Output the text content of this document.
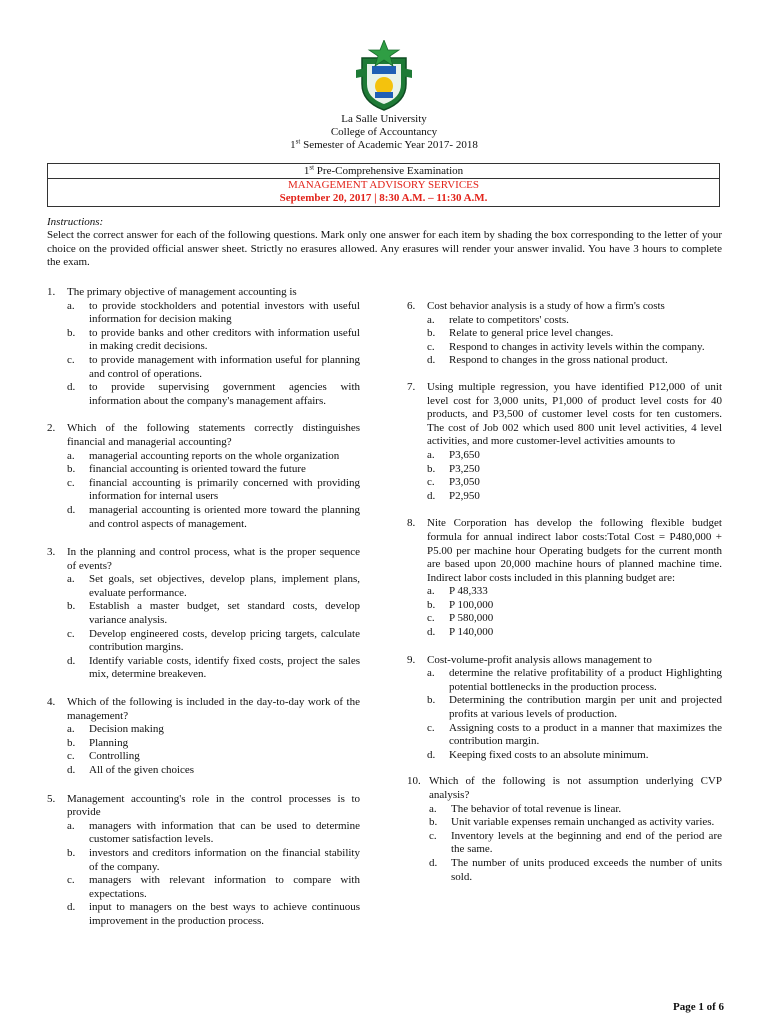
La Salle University
College of Accountancy
1st Semester of Academic Year 2017- 2018
1st Pre-Comprehensive Examination
MANAGEMENT ADVISORY SERVICES
September 20, 2017 | 8:30 A.M. – 11:30 A.M.
Instructions:
Select the correct answer for each of the following questions. Mark only one answer for each item by shading the box corresponding to the letter of your choice on the provided official answer sheet. Strictly no erasures allowed. Any erasures will render your answer invalid. You have 3 hours to complete the exam.
1. The primary objective of management accounting is
a. to provide stockholders and potential investors with useful information for decision making
b. to provide banks and other creditors with information useful in making credit decisions.
c. to provide management with information useful for planning and control of operations.
d. to provide supervising government agencies with information about the company's management affairs.
2. Which of the following statements correctly distinguishes financial and managerial accounting?
a. managerial accounting reports on the whole organization
b. financial accounting is oriented toward the future
c. financial accounting is primarily concerned with providing information for internal users
d. managerial accounting is oriented more toward the planning and control aspects of management.
3. In the planning and control process, what is the proper sequence of events?
a. Set goals, set objectives, develop plans, implement plans, evaluate performance.
b. Establish a master budget, set standard costs, develop variance analysis.
c. Develop engineered costs, develop pricing targets, calculate contribution margins.
d. Identify variable costs, identify fixed costs, project the sales mix, determine breakeven.
4. Which of the following is included in the day-to-day work of the management?
a. Decision making
b. Planning
c. Controlling
d. All of the given choices
5. Management accounting's role in the control processes is to provide
a. managers with information that can be used to determine customer satisfaction levels.
b. investors and creditors information on the financial stability of the company.
c. managers with relevant information to compare with expectations.
d. input to managers on the best ways to achieve continuous improvement in the production process.
6. Cost behavior analysis is a study of how a firm's costs
a. relate to competitors' costs.
b. Relate to general price level changes.
c. Respond to changes in activity levels within the company.
d. Respond to changes in the gross national product.
7. Using multiple regression, you have identified P12,000 of unit level cost for 3,000 units, P1,000 of product level costs for 40 products, and P3,500 of customer level costs for ten customers. The cost of Job 002 which used 800 unit level activities, 4 level activities, and more customer-level activities amounts to
a. P3,650
b. P3,250
c. P3,050
d. P2,950
8. Nite Corporation has develop the following flexible budget formula for annual indirect labor costs:Total Cost = P480,000 + P5.00 per machine hour Operating budgets for the current month are based upon 20,000 machine hours of planned machine time. Indirect labor costs included in this planning budget are:
a. P 48,333
b. P 100,000
c. P 580,000
d. P 140,000
9. Cost-volume-profit analysis allows management to
a. determine the relative profitability of a product Highlighting potential bottlenecks in the production process.
b. Determining the contribution margin per unit and projected profits at various levels of production.
c. Assigning costs to a product in a manner that maximizes the contribution margin.
d. Keeping fixed costs to an absolute minimum.
10. Which of the following is not assumption underlying CVP analysis?
a. The behavior of total revenue is linear.
b. Unit variable expenses remain unchanged as activity varies.
c. Inventory levels at the beginning and end of the period are the same.
d. The number of units produced exceeds the number of units sold.
Page 1 of 6
